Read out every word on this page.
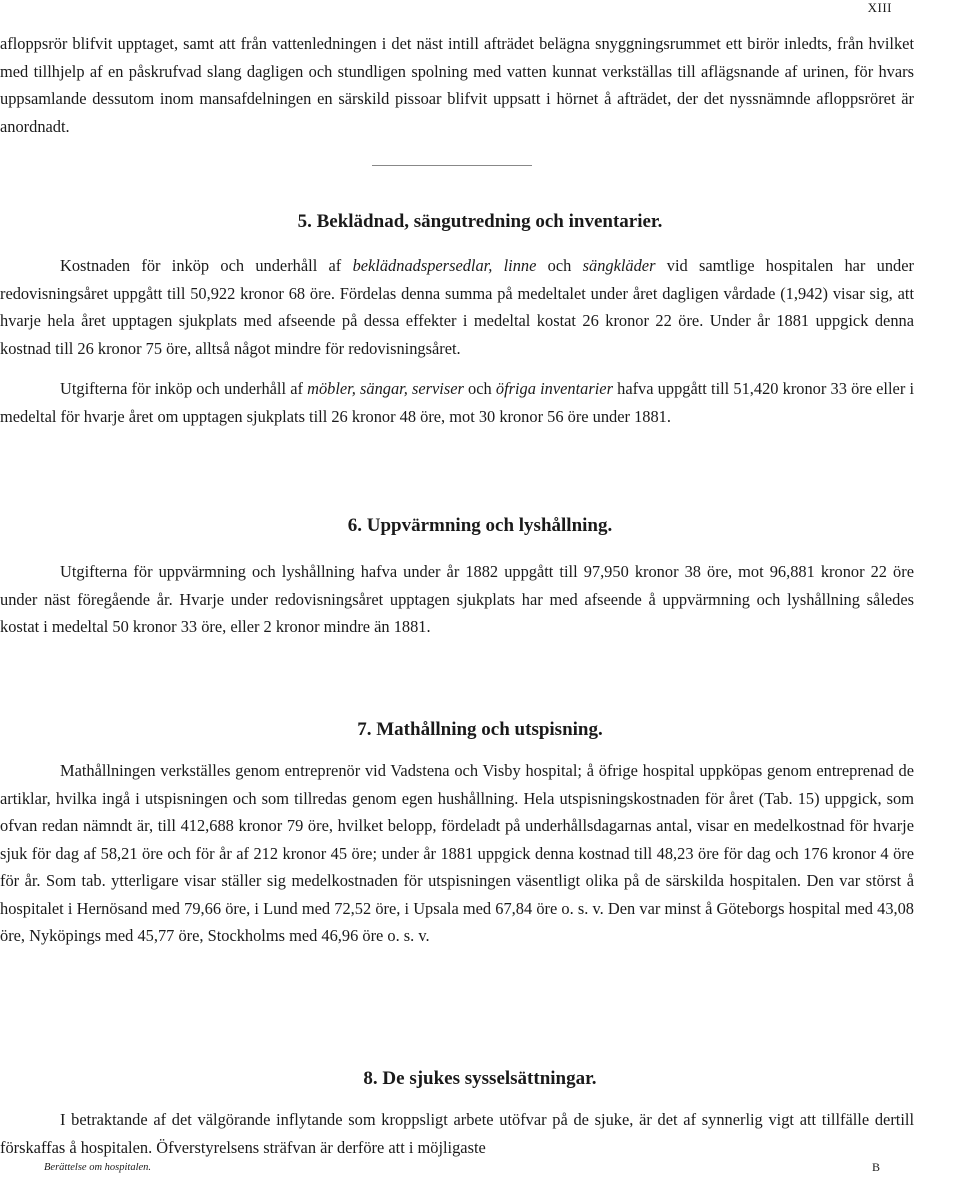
XIII

afloppsrör blifvit upptaget, samt att från vattenledningen i det näst intill afträdet belägna snyggningsrummet ett birör inledts, från hvilket med tillhjelp af en påskrufvad slang dagligen och stundligen spolning med vatten kunnat verkställas till aflägsnande af urinen, för hvars uppsamlande dessutom inom mansafdelningen en särskild pissoar blifvit uppsatt i hörnet å afträdet, der det nyssnämnde afloppsröret är anordnadt.

5. Beklädnad, sängutredning och inventarier.

Kostnaden för inköp och underhåll af beklädnadspersedlar, linne och sängkläder vid samtlige hospitalen har under redovisningsåret uppgått till 50,922 kronor 68 öre. Fördelas denna summa på medeltalet under året dagligen vårdade (1,942) visar sig, att hvarje hela året upptagen sjukplats med afseende på dessa effekter i medeltal kostat 26 kronor 22 öre. Under år 1881 uppgick denna kostnad till 26 kronor 75 öre, alltså något mindre för redovisningsåret.

Utgifterna för inköp och underhåll af möbler, sängar, serviser och öfriga inventarier hafva uppgått till 51,420 kronor 33 öre eller i medeltal för hvarje året om upptagen sjukplats till 26 kronor 48 öre, mot 30 kronor 56 öre under 1881.

6. Uppvärmning och lyshållning.

Utgifterna för uppvärmning och lyshållning hafva under år 1882 uppgått till 97,950 kronor 38 öre, mot 96,881 kronor 22 öre under näst föregående år. Hvarje under redovisningsåret upptagen sjukplats har med afseende å uppvärmning och lyshållning således kostat i medeltal 50 kronor 33 öre, eller 2 kronor mindre än 1881.

7. Mathållning och utspisning.

Mathållningen verkställes genom entreprenör vid Vadstena och Visby hospital; å öfrige hospital uppköpas genom entreprenad de artiklar, hvilka ingå i utspisningen och som tillredas genom egen hushållning. Hela utspisningskostnaden för året (Tab. 15) uppgick, som ofvan redan nämndt är, till 412,688 kronor 79 öre, hvilket belopp, fördeladt på underhållsdagarnas antal, visar en medelkostnad för hvarje sjuk för dag af 58,21 öre och för år af 212 kronor 45 öre; under år 1881 uppgick denna kostnad till 48,23 öre för dag och 176 kronor 4 öre för år. Som tab. ytterligare visar ställer sig medelkostnaden för utspisningen väsentligt olika på de särskilda hospitalen. Den var störst å hospitalet i Hernösand med 79,66 öre, i Lund med 72,52 öre, i Upsala med 67,84 öre o. s. v. Den var minst å Göteborgs hospital med 43,08 öre, Nyköpings med 45,77 öre, Stockholms med 46,96 öre o. s. v.

8. De sjukes sysselsättningar.

I betraktande af det välgörande inflytande som kroppsligt arbete utöfvar på de sjuke, är det af synnerlig vigt att tillfälle dertill förskaffas å hospitalen. Öfverstyrelsens sträfvan är derföre att i möjligaste

Berättelse om hospitalen.	B
